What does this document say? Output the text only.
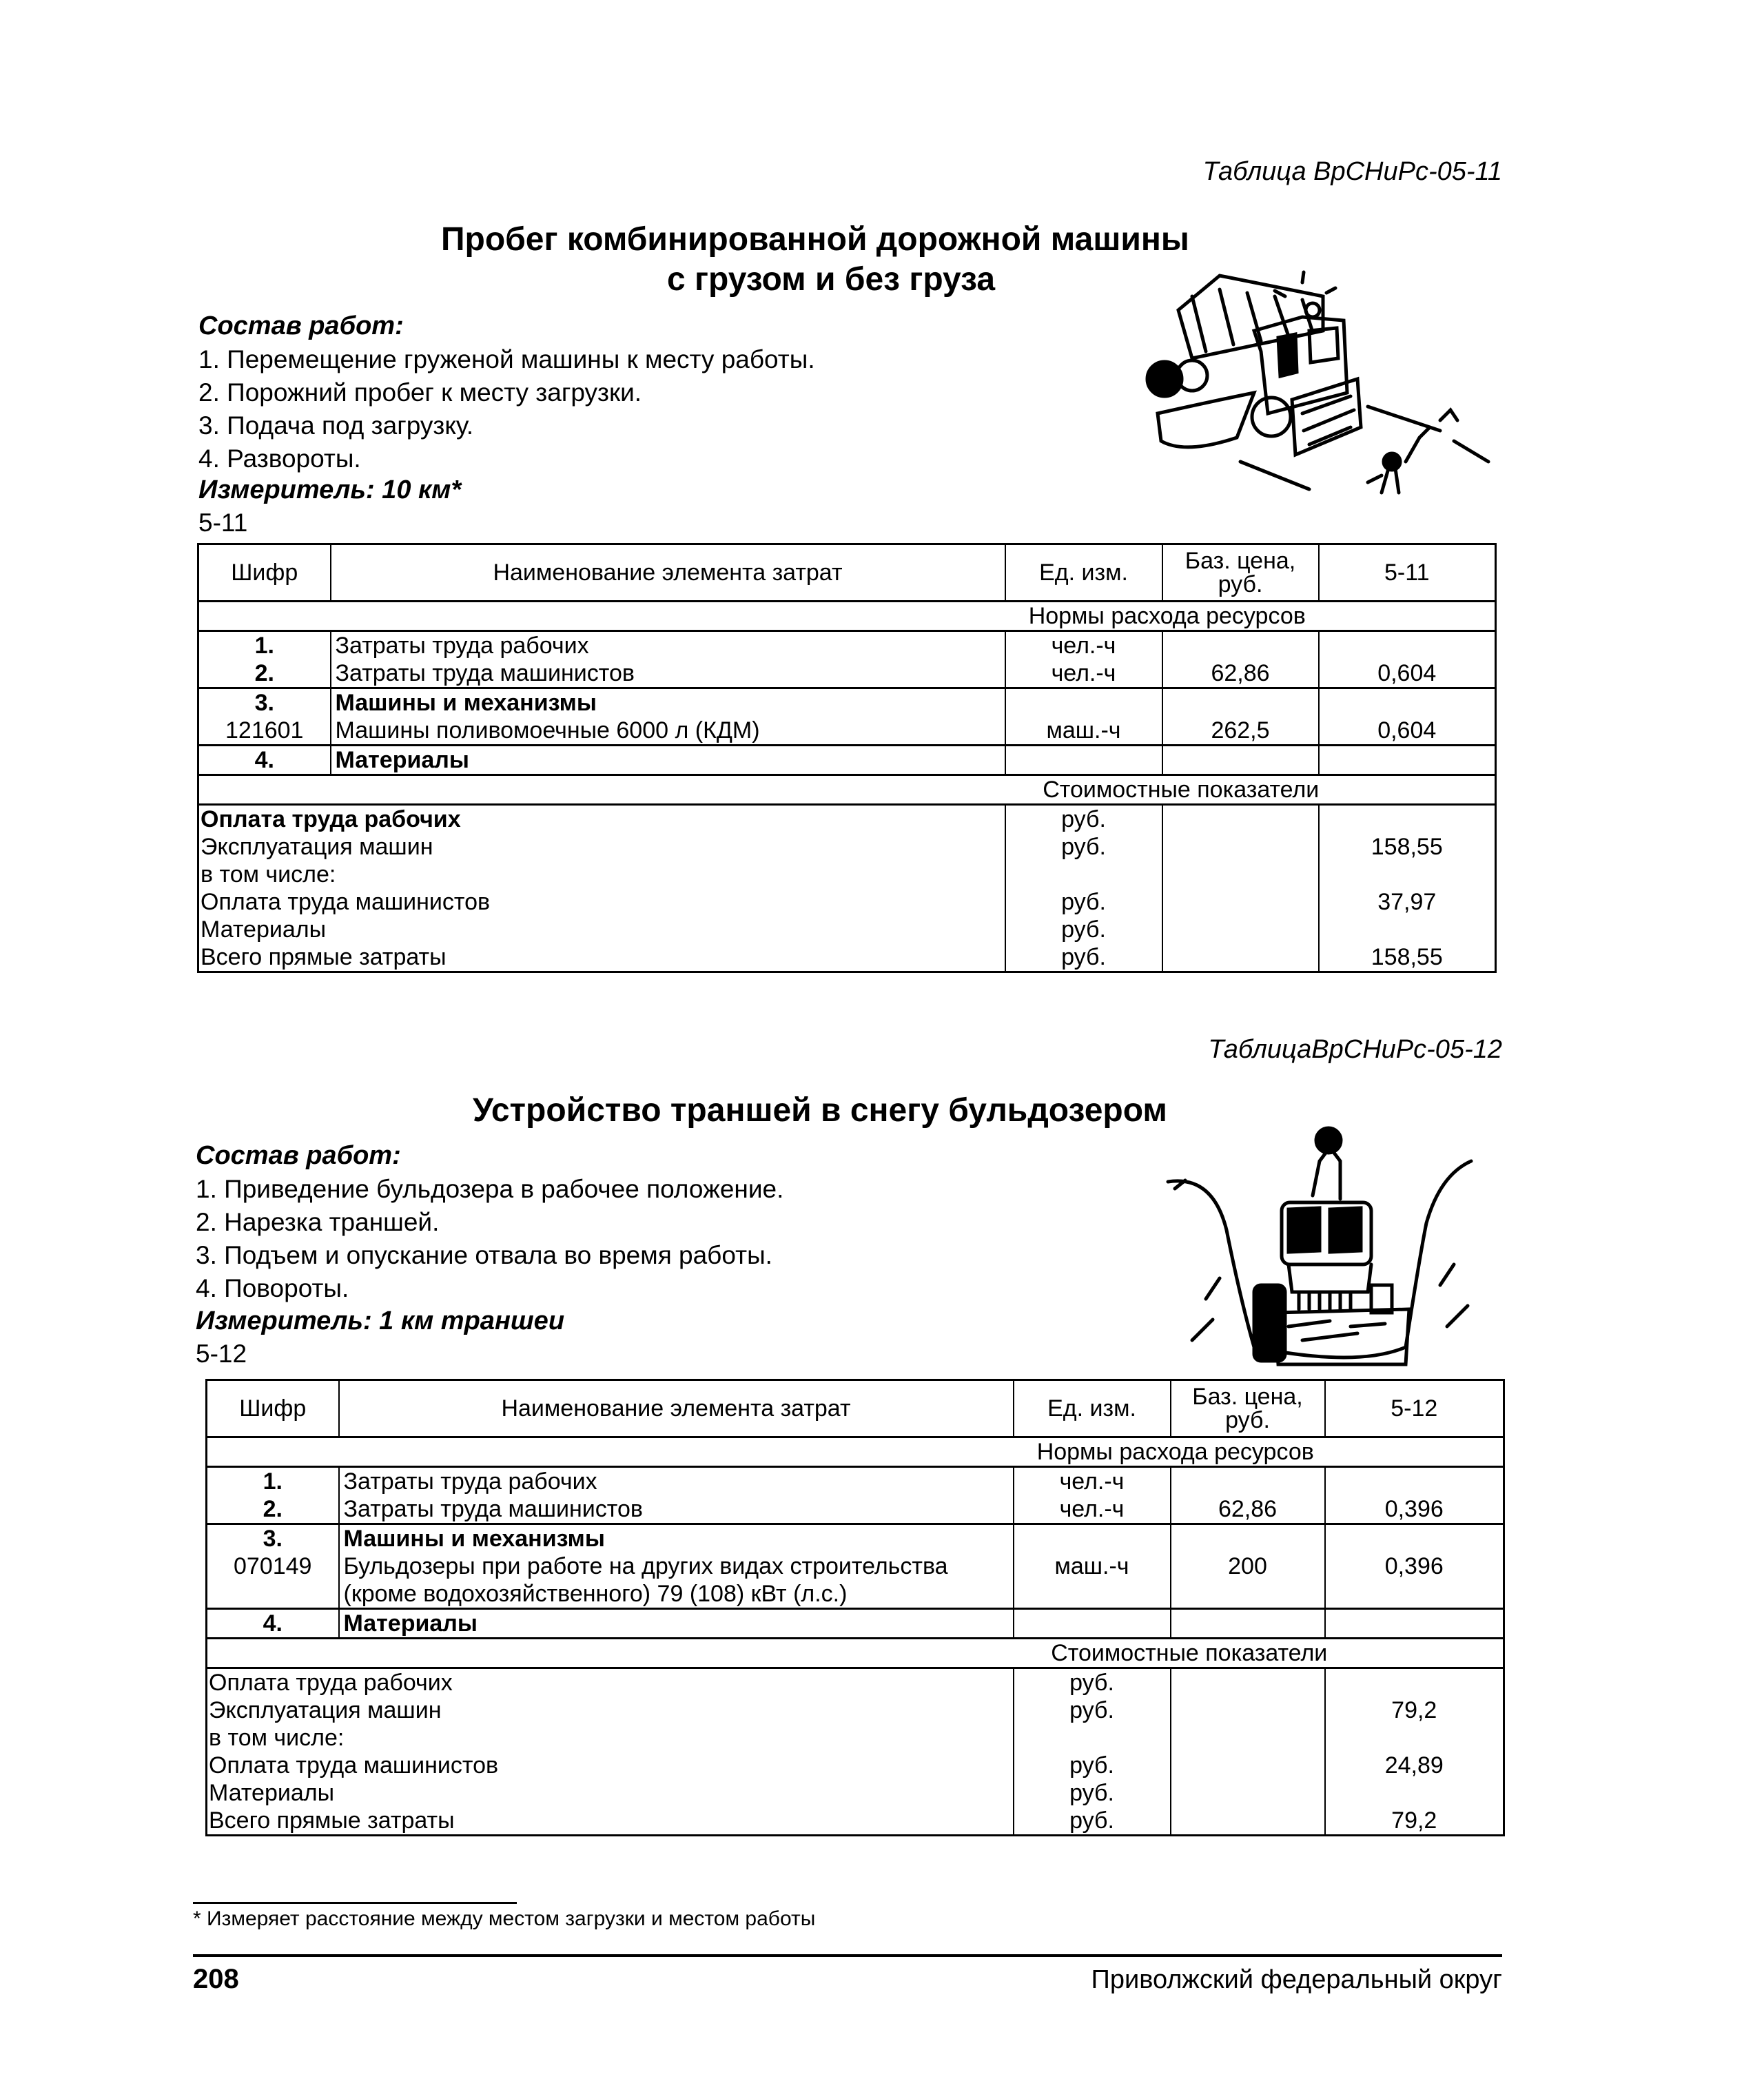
Таблица ВрСНиРс-05-11
Пробег комбинированной дорожной машины
с грузом и без груза
Состав работ:
1. Перемещение груженой машины к месту работы.
2. Порожний пробег к месту загрузки.
3. Подача под загрузку.
4. Развороты.
Измеритель: 10 км*
5-11
Шифр	Наименование элемента затрат	Ед. изм.	Баз. цена, руб.	5-11
		Нормы расхода ресурсов		
1.	Затраты труда рабочих	чел.-ч		
2.	Затраты труда машинистов	чел.-ч	62,86	0,604
3.	Машины и механизмы			
121601	Машины поливомоечные 6000 л (КДМ)	маш.-ч	262,5	0,604
4.	Материалы			
		Стоимостные показатели		
Оплата труда рабочих		руб.		
Эксплуатация машин		руб.		158,55
в том числе:				
Оплата труда машинистов		руб.		37,97
Материалы		руб.		
Всего прямые затраты		руб.		158,55
ТаблицаВрСНиРс-05-12
Устройство траншей в снегу бульдозером
Состав работ:
1. Приведение бульдозера в рабочее положение.
2. Нарезка траншей.
3. Подъем и опускание отвала во время работы.
4. Повороты.
Измеритель: 1 км траншеи
5-12
Шифр	Наименование элемента затрат	Ед. изм.	Баз. цена, руб.	5-12
		Нормы расхода ресурсов		
1.	Затраты труда рабочих	чел.-ч		
2.	Затраты труда машинистов	чел.-ч	62,86	0,396
3.	Машины и механизмы			
070149	Бульдозеры при работе на других видах строительства (кроме водохозяйственного) 79 (108) кВт (л.с.)	маш.-ч	200	0,396
4.	Материалы			
		Стоимостные показатели		
Оплата труда рабочих		руб.		
Эксплуатация машин		руб.		79,2
в том числе:				
Оплата труда машинистов		руб.		24,89
Материалы		руб.		
Всего прямые затраты		руб.		79,2
* Измеряет расстояние между местом загрузки и местом работы
208	Приволжский федеральный округ
